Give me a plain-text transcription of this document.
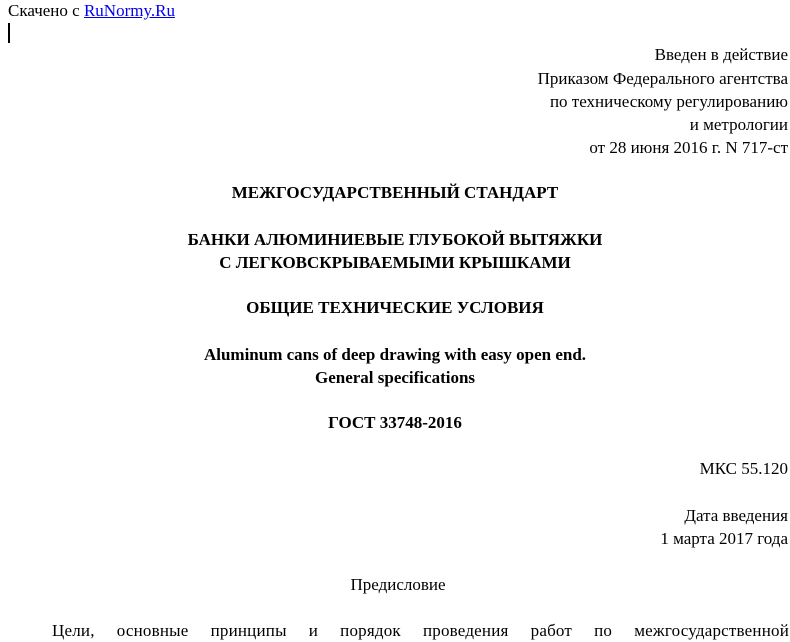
Скачено с RuNormy.Ru
Введен в действие
Приказом Федерального агентства
по техническому регулированию
и метрологии
от 28 июня 2016 г. N 717-ст
МЕЖГОСУДАРСТВЕННЫЙ СТАНДАРТ
БАНКИ АЛЮМИНИЕВЫЕ ГЛУБОКОЙ ВЫТЯЖКИ
С ЛЕГКОВСКРЫВАЕМЫМИ КРЫШКАМИ
ОБЩИЕ ТЕХНИЧЕСКИЕ УСЛОВИЯ
Aluminum cans of deep drawing with easy open end.
General specifications
ГОСТ 33748-2016
МКС 55.120
Дата введения
1 марта 2017 года
Предисловие
Цели, основные принципы и порядок проведения работ по межгосударственной
